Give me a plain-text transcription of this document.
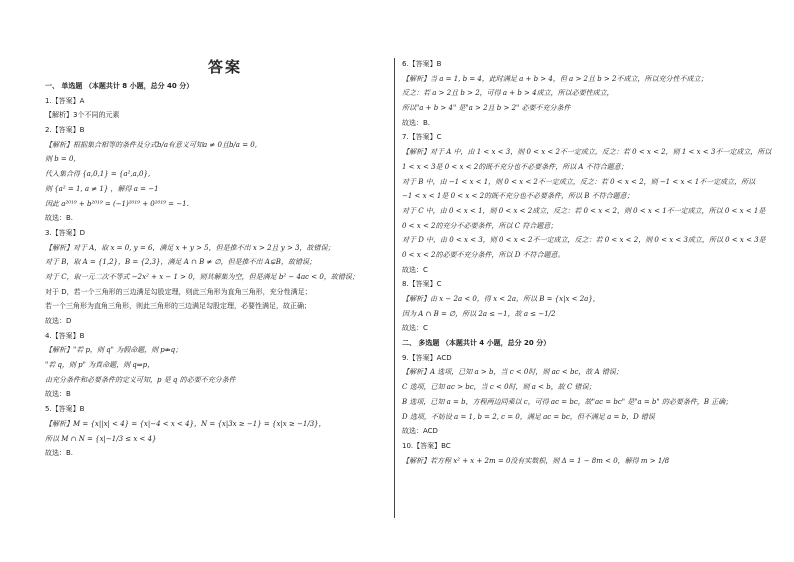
答案
一、 单选题 （本题共计 8 小题，总分 40 分）
1.【答案】A
【解析】3个不同的元素
2.【答案】B
【解析】根据集合相等的条件及分式b/a有意义可知a ≠ 0且b/a = 0,
则 b = 0,
代入集合得 {a,0,1} = {a²,a,0},
则 {a² = 1, a ≠ 1} ，解得 a = −1
因此 a²⁰¹⁹ + b²⁰¹⁹ = (−1)²⁰¹⁹ + 0²⁰¹⁹ = −1.
故选：B.
3.【答案】D
【解析】对于 A，取 x = 0, y = 6，满足 x + y > 5，但是推不出 x > 2且 y > 3，故错误；
对于 B，取 A = {1,2}，B = {2,3}，满足 A ∩ B ≠ ∅，但是推不出 A⊊B，故错误；
对于 C，取一元二次不等式 −2x² + x − 1 > 0，则其解集为空，但是满足 b² − 4ac < 0，故错误；
对于 D，若一个三角形的三边满足勾股定理，则此三角形为直角三角形，充分性满足；
若一个三角形为直角三角形，则此三角形的三边满足勾股定理，必要性满足，故正确；
故选：D
4.【答案】B
【解析】"若 p，则 q" 为假命题，则 p⇏q；
"若 q，则 p" 为真命题，则 q⇒p，
由充分条件和必要条件的定义可知，p 是 q 的必要不充分条件
故选：B
5.【答案】B
【解析】M = {x||x| < 4} = {x|−4 < x < 4}，N = {x|3x ≥ −1} = {x|x ≥ −1/3}，
所以 M ∩ N = {x|−1/3 ≤ x < 4}
故选：B.
6.【答案】B
【解析】当 a = 1, b = 4，此时满足 a + b > 4，但 a > 2且 b > 2不成立，所以充分性不成立；
反之：若 a > 2且 b > 2，可得 a + b > 4成立，所以必要性成立，
所以"a + b > 4" 是"a > 2且 b > 2" 必要不充分条件
故选：B.
7.【答案】C
【解析】对于 A 中，由 1 < x < 3，则 0 < x < 2不一定成立，反之：若 0 < x < 2，则 1 < x < 3不一定成立，所以
1 < x < 3是 0 < x < 2的既不充分也不必要条件，所以 A 不符合题意；
对于 B 中，由 −1 < x < 1，则 0 < x < 2不一定成立，反之：若 0 < x < 2，则 −1 < x < 1不一定成立，所以
−1 < x < 1是 0 < x < 2的既不充分也不必要条件，所以 B 不符合题意；
对于 C 中，由 0 < x < 1，则 0 < x < 2成立，反之：若 0 < x < 2，则 0 < x < 1不一定成立，所以 0 < x < 1是
0 < x < 2的充分不必要条件，所以 C 符合题意；
对于 D 中，由 0 < x < 3，则 0 < x < 2不一定成立，反之：若 0 < x < 2，则 0 < x < 3成立，所以 0 < x < 3是
0 < x < 2的必要不充分条件，所以 D 不符合题意。
故选：C
8.【答案】C
【解析】由 x − 2a < 0，得 x < 2a，所以 B = {x|x < 2a}，
因为 A ∩ B = ∅，所以 2a ≤ −1，故 a ≤ −1/2
故选：C
二、 多选题 （本题共计 4 小题，总分 20 分）
9.【答案】ACD
【解析】A 选项，已知 a > b，当 c < 0时，则 ac < bc，故 A 错误；
C 选项，已知 ac > bc，当 c < 0时，则 a < b，故 C 错误；
B 选项，已知 a = b，方程两边同乘以 c，可得 ac = bc，故"ac = bc" 是"a = b" 的必要条件，B 正确；
D 选项，不妨设 a = 1, b = 2, c = 0，满足 ac = bc，但不满足 a = b，D 错误
故选：ACD
10.【答案】BC
【解析】若方程 x² + x + 2m = 0没有实数根，则 Δ = 1 − 8m < 0，解得 m > 1/8
